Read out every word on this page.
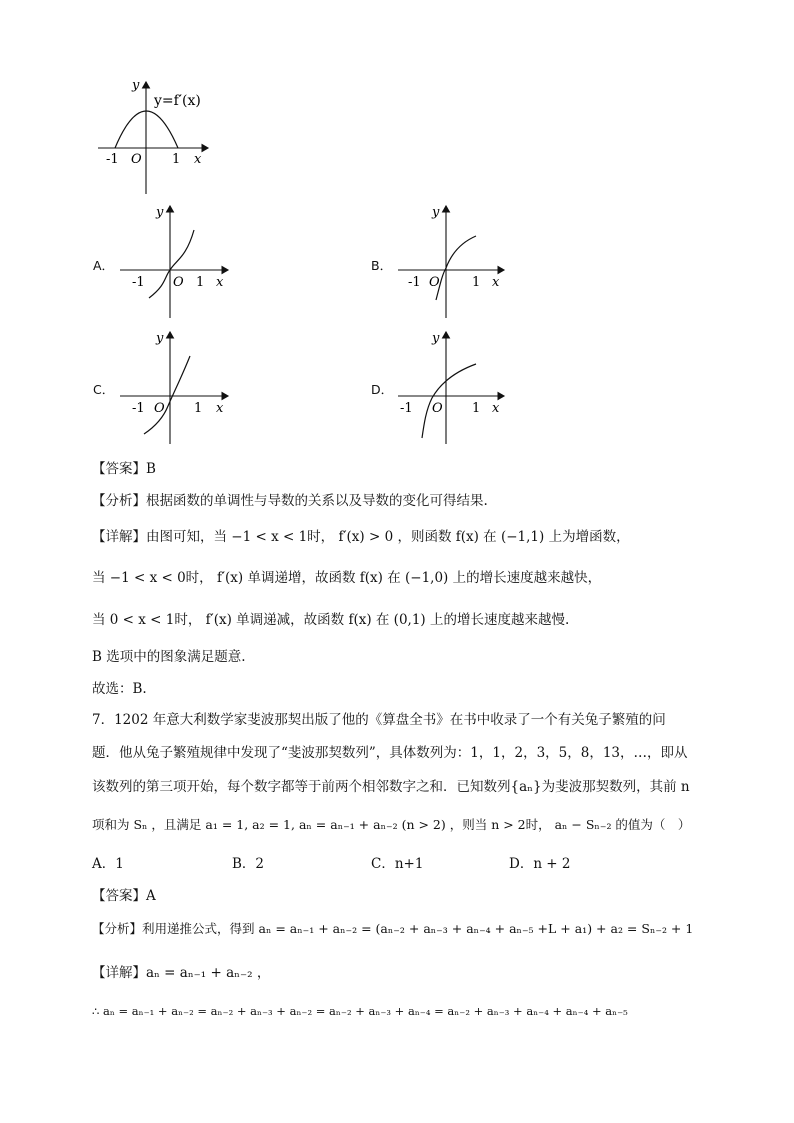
y
y=f′(x)
-1 O 1 x
A．
y
-1 O 1 x
B．
y
-1 O 1 x
C．
y
-1 O 1 x
D．
y
-1 O 1 x
【答案】B
【分析】根据函数的单调性与导数的关系以及导数的变化可得结果.
【详解】由图可知，当 −1 < x < 1时， f′(x) > 0 ，则函数 f(x) 在 (−1,1) 上为增函数，
当 −1 < x < 0时， f′(x) 单调递增，故函数 f(x) 在 (−1,0) 上的增长速度越来越快，
当 0 < x < 1时， f′(x) 单调递减，故函数 f(x) 在 (0,1) 上的增长速度越来越慢.
B 选项中的图象满足题意.
故选：B.
7．1202 年意大利数学家斐波那契出版了他的《算盘全书》在书中收录了一个有关兔子繁殖的问
题．他从兔子繁殖规律中发现了“斐波那契数列”，具体数列为：1，1，2，3，5，8，13，…，即从
该数列的第三项开始，每个数字都等于前两个相邻数字之和．已知数列{aₙ}为斐波那契数列，其前 n
项和为 Sₙ ，且满足 a₁ = 1, a₂ = 1, aₙ = aₙ₋₁ + aₙ₋₂ (n > 2) ，则当 n > 2时， aₙ − Sₙ₋₂ 的值为（　）
A．1	B．2	C．n+1	D．n + 2
【答案】A
【分析】利用递推公式，得到 aₙ = aₙ₋₁ + aₙ₋₂ = (aₙ₋₂ + aₙ₋₃ + aₙ₋₄ + aₙ₋₅ +L + a₁) + a₂ = Sₙ₋₂ + 1
【详解】aₙ = aₙ₋₁ + aₙ₋₂ ，
∴ aₙ = aₙ₋₁ + aₙ₋₂ = aₙ₋₂ + aₙ₋₃ + aₙ₋₂ = aₙ₋₂ + aₙ₋₃ + aₙ₋₄ = aₙ₋₂ + aₙ₋₃ + aₙ₋₄ + aₙ₋₄ + aₙ₋₅
